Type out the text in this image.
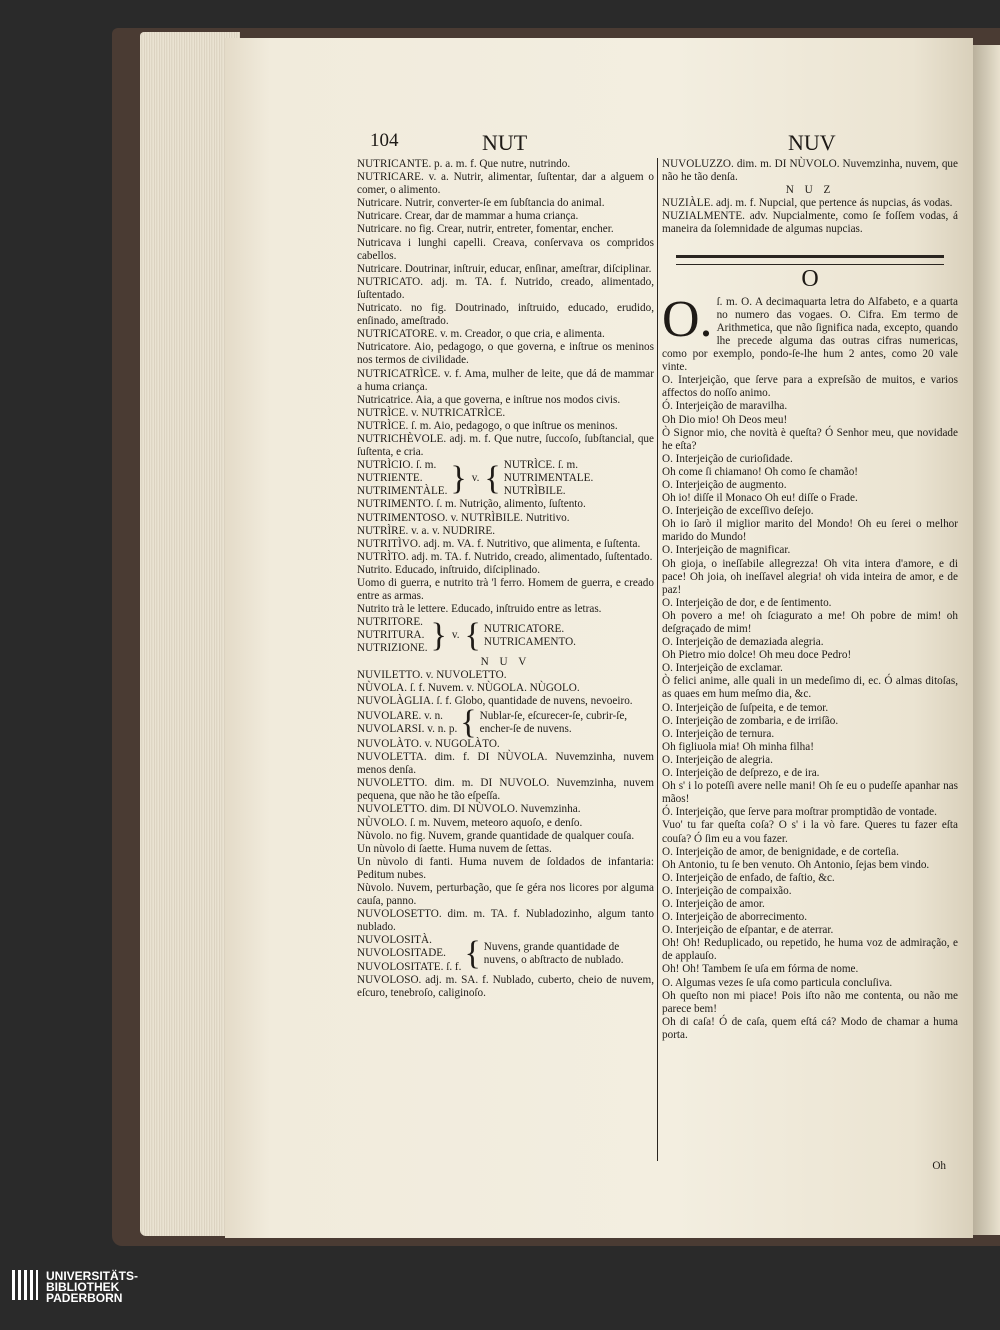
104	NUT	NUV

NUTRICANTE. p. a. m. f. Que nutre, nutrindo.

NUTRICARE. v. a. Nutrir, alimentar, ſuſtentar, dar a alguem o comer, o alimento.

Nutricare. Nutrir, converter-ſe em ſubſtancia do animal.

Nutricare. Crear, dar de mammar a huma criança.

Nutricare. no fig. Crear, nutrir, entreter, fomentar, encher.

Nutricava i lunghi capelli. Creava, conſervava os compridos cabellos.

Nutricare. Doutrinar, inſtruir, educar, enſinar, ameſtrar, diſciplinar.

NUTRICATO. adj. m. TA. f. Nutrido, creado, alimentado, ſuſtentado.

Nutricato. no fig. Doutrinado, inſtruido, educado, erudido, enſinado, ameſtrado.

NUTRICATORE. v. m. Creador, o que cria, e alimenta.

Nutricatore. Aio, pedagogo, o que governa, e inſtrue os meninos nos termos de civilidade.

NUTRICATRÌCE. v. f. Ama, mulher de leite, que dá de mammar a huma criança.

Nutricatrice. Aia, a que governa, e inſtrue nos modos civis.

NUTRÌCE. v. NUTRICATRÌCE.

NUTRÌCE. ſ. m. Aio, pedagogo, o que inſtrue os meninos.

NUTRICHÈVOLE. adj. m. f. Que nutre, ſuccoſo, ſubſtancial, que ſuſtenta, e cria.

NUTRÌCIO. ſ. m.
NUTRIENTE.
NUTRIMENTÀLE. } v. { NUTRÌCE. ſ. m.
NUTRIMENTALE.
NUTRÌBILE.

NUTRIMENTO. ſ. m. Nutrição, alimento, ſuſtento.

NUTRIMENTOSO. v. NUTRÌBILE. Nutritivo.

NUTRÌRE. v. a. v. NUDRIRE.

NUTRITÌVO. adj. m. VA. f. Nutritivo, que alimenta, e ſuſtenta.

NUTRÌTO. adj. m. TA. f. Nutrido, creado, alimentado, ſuſtentado.

Nutrito. Educado, inſtruido, diſciplinado.

Uomo di guerra, e nutrito trà 'l ferro. Homem de guerra, e creado entre as armas.

Nutrito trà le lettere. Educado, inſtruido entre as letras.

NUTRITORE.
NUTRITURA.
NUTRIZIONE. } v. { NUTRICATORE.
NUTRICAMENTO.

N U V

NUVILETTO. v. NUVOLETTO.

NÙVOLA. ſ. f. Nuvem. v. NÙGOLA. NÙGOLO.

NUVOLÀGLIA. ſ. f. Globo, quantidade de nuvens, nevoeiro.

NUVOLARE. v. n.
NUVOLARSI. v. n. p. { Nublar-ſe, eſcurecer-ſe, cubrir-ſe, encher-ſe de nuvens.

NUVOLÀTO. v. NUGOLÀTO.

NUVOLETTA. dim. f. DI NÙVOLA. Nuvemzinha, nuvem menos denſa.

NUVOLETTO. dim. m. DI NUVOLO. Nuvemzinha, nuvem pequena, que não he tão eſpeſſa.

NUVOLETTO. dim. DI NÙVOLO. Nuvemzinha.

NÙVOLO. ſ. m. Nuvem, meteoro aquoſo, e denſo.

Nùvolo. no fig. Nuvem, grande quantidade de qualquer couſa.

Un nùvolo di ſaette. Huma nuvem de ſettas.

Un nùvolo di fanti. Huma nuvem de ſoldados de infantaria: Peditum nubes.

Nùvolo. Nuvem, perturbação, que ſe géra nos licores por alguma cauſa, panno.

NUVOLOSETTO. dim. m. TA. f. Nubladozinho, algum tanto nublado.

NUVOLOSITÀ.
NUVOLOSITADE.
NUVOLOSITATE. ſ. f. { Nuvens, grande quantidade de nuvens, o abſtracto de nublado.

NUVOLOSO. adj. m. SA. f. Nublado, cuberto, cheio de nuvem, eſcuro, tenebroſo, caliginoſo.

NUVOLUZZO. dim. m. DI NÙVOLO. Nuvemzinha, nuvem, que não he tão denſa.

N U Z

NUZIÀLE. adj. m. f. Nupcial, que pertence ás nupcias, ás vodas.

NUZIALMENTE. adv. Nupcialmente, como ſe foſſem vodas, á maneira da ſolemnidade de algumas nupcias.

O

O. ſ. m. O. A decimaquarta letra do Alfabeto, e a quarta no numero das vogaes. O. Cifra. Em termo de Arithmetica, que não ſignifica nada, excepto, quando lhe precede alguma das outras cifras numericas, como por exemplo, pondo-ſe-lhe hum 2 antes, como 20 vale vinte.

O. Interjeição, que ſerve para a expreſsão de muitos, e varios affectos do noſſo animo.

Ó. Interjeição de maravilha.

Oh Dio mio! Oh Deos meu!

Ò Signor mio, che novità è queſta? Ó Senhor meu, que novidade he eſta?

O. Interjeição de curioſidade.

Oh come ſi chiamano! Oh como ſe chamão!

O. Interjeição de augmento.

Oh io! diſſe il Monaco Oh eu! diſſe o Frade.

O. Interjeição de exceſſivo deſejo.

Oh io ſarò il miglior marito del Mondo! Oh eu ſerei o melhor marido do Mundo!

O. Interjeição de magnificar.

Oh gioja, o ineſſabile allegrezza! Oh vita intera d'amore, e di pace! Oh joia, oh ineſſavel alegria! oh vida inteira de amor, e de paz!

O. Interjeição de dor, e de ſentimento.

Oh povero a me! oh ſciagurato a me! Oh pobre de mim! oh deſgraçado de mim!

O. Interjeição de demaziada alegria.

Oh Pietro mio dolce! Oh meu doce Pedro!

O. Interjeição de exclamar.

Ò felici anime, alle quali in un medeſimo di, ec. Ó almas ditoſas, as quaes em hum meſmo dia, &c.

O. Interjeição de ſuſpeita, e de temor.

O. Interjeição de zombaria, e de irriſão.

O. Interjeição de ternura.

Oh figliuola mia! Oh minha filha!

O. Interjeição de alegria.

O. Interjeição de deſprezo, e de ira.

Oh s' i lo poteſſi avere nelle mani! Oh ſe eu o pudeſſe apanhar nas mãos!

Ó. Interjeição, que ſerve para moſtrar promptidão de vontade.

Vuo' tu far queſta coſa? O s' i la vò fare. Queres tu fazer eſta couſa? Ó ſim eu a vou fazer.

O. Interjeição de amor, de benignidade, e de corteſia.

Oh Antonio, tu ſe ben venuto. Oh Antonio, ſejas bem vindo.

O. Interjeição de enfado, de faſtio, &c.

O. Interjeição de compaixão.

O. Interjeição de amor.

O. Interjeição de aborrecimento.

O. Interjeição de eſpantar, e de aterrar.

Oh! Oh! Reduplicado, ou repetido, he huma voz de admiração, e de applauſo.

Oh! Oh! Tambem ſe uſa em fórma de nome.

O. Algumas vezes ſe uſa como particula concluſiva.

Oh queſto non mi piace! Pois iſto não me contenta, ou não me parece bem!

Oh di caſa! Ó de caſa, quem eſtá cá? Modo de chamar a huma porta.

Oh
UNIVERSITÄTS-
BIBLIOTHEK
PADERBORN
